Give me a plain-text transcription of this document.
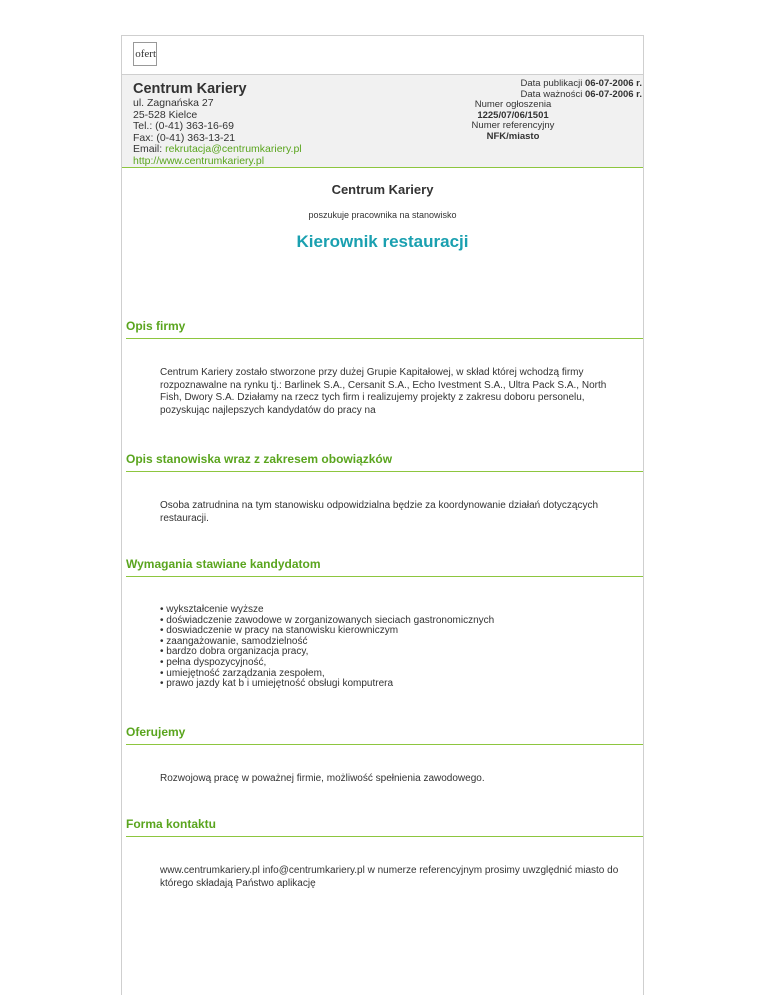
ofert
Centrum Kariery
ul. Zagnańska 27
25-528 Kielce
Tel.: (0-41) 363-16-69
Fax: (0-41) 363-13-21
Email: rekrutacja@centrumkariery.pl
http://www.centrumkariery.pl
Data publikacji 06-07-2006 r.
Data ważności 06-07-2006 r.
Numer ogłoszenia
1225/07/06/1501
Numer referencyjny
NFK/miasto
Centrum Kariery
poszukuje pracownika na stanowisko
Kierownik restauracji
Opis firmy
Centrum Kariery zostało stworzone przy dużej Grupie Kapitałowej, w skład której wchodzą firmy
rozpoznawalne na rynku tj.: Barlinek S.A., Cersanit S.A., Echo Ivestment S.A., Ultra Pack S.A., North
Fish, Dwory S.A. Działamy na rzecz tych firm i realizujemy projekty z zakresu doboru personelu,
pozyskując najlepszych kandydatów do pracy na
Opis stanowiska wraz z zakresem obowiązków
Osoba zatrudnina na tym stanowisku odpowidzialna będzie za koordynowanie działań dotyczących
restauracji.
Wymagania stawiane kandydatom
• wykształcenie wyższe
• doświadczenie zawodowe w zorganizowanych sieciach gastronomicznych
• doswiadczenie w pracy na stanowisku kierowniczym
• zaangażowanie, samodzielność
• bardzo dobra organizacja pracy,
• pełna dyspozycyjność,
• umiejętność zarządzania zespołem,
• prawo jazdy kat b i umiejętność obsługi komputrera
Oferujemy
Rozwojową pracę w poważnej firmie, możliwość spełnienia zawodowego.
Forma kontaktu
www.centrumkariery.pl info@centrumkariery.pl w numerze referencyjnym prosimy uwzględnić miasto do
którego składają Państwo aplikację
